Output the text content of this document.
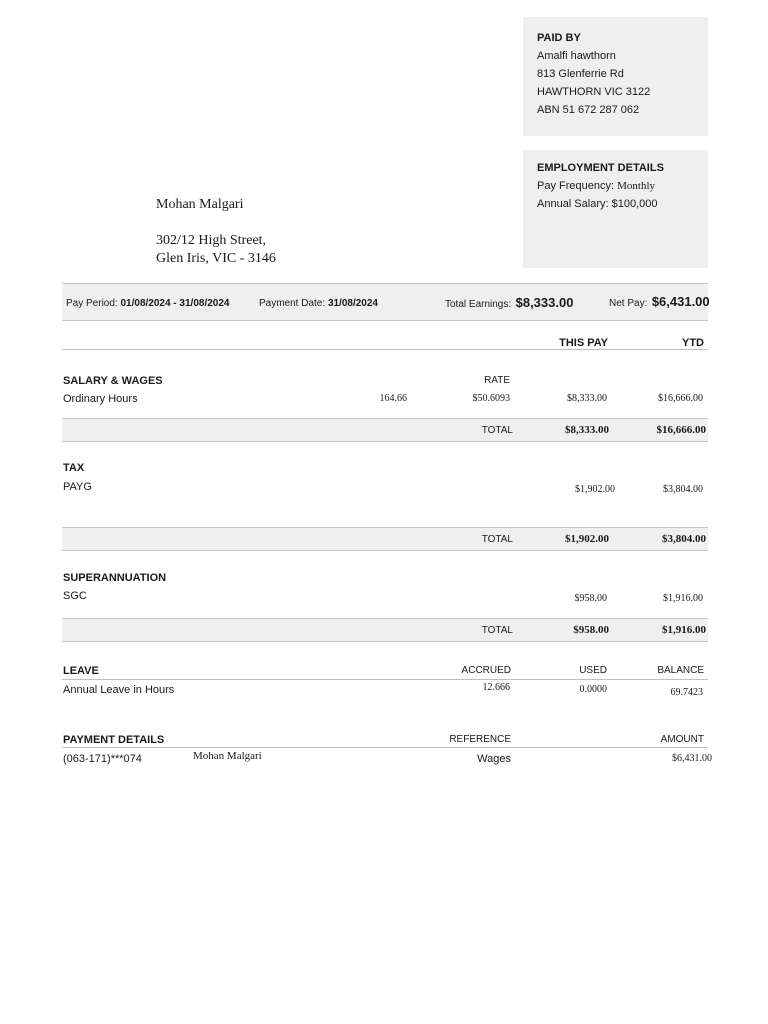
PAID BY
Amalfi hawthorn
813 Glenferrie Rd
HAWTHORN VIC 3122
ABN 51 672 287 062
EMPLOYMENT DETAILS
Pay Frequency: Monthly
Annual Salary: $100,000
Mohan Malgari
302/12 High Street,
Glen Iris, VIC - 3146
Pay Period: 01/08/2024 - 31/08/2024	Payment Date: 31/08/2024	Total Earnings: $8,333.00	Net Pay: $6,431.00
THIS PAY	YTD
SALARY & WAGES	RATE
Ordinary Hours	164.66	$50.6093	$8,333.00	$16,666.00
TOTAL	$8,333.00	$16,666.00
TAX
PAYG	$1,902.00	$3,804.00
TOTAL	$1,902.00	$3,804.00
SUPERANNUATION
SGC	$958.00	$1,916.00
TOTAL	$958.00	$1,916.00
LEAVE	ACCRUED	USED	BALANCE
Annual Leave in Hours	12.666	0.0000	69.7423
PAYMENT DETAILS	REFERENCE	AMOUNT
(063-171)***074	Mohan Malgari	Wages	$6,431.00
